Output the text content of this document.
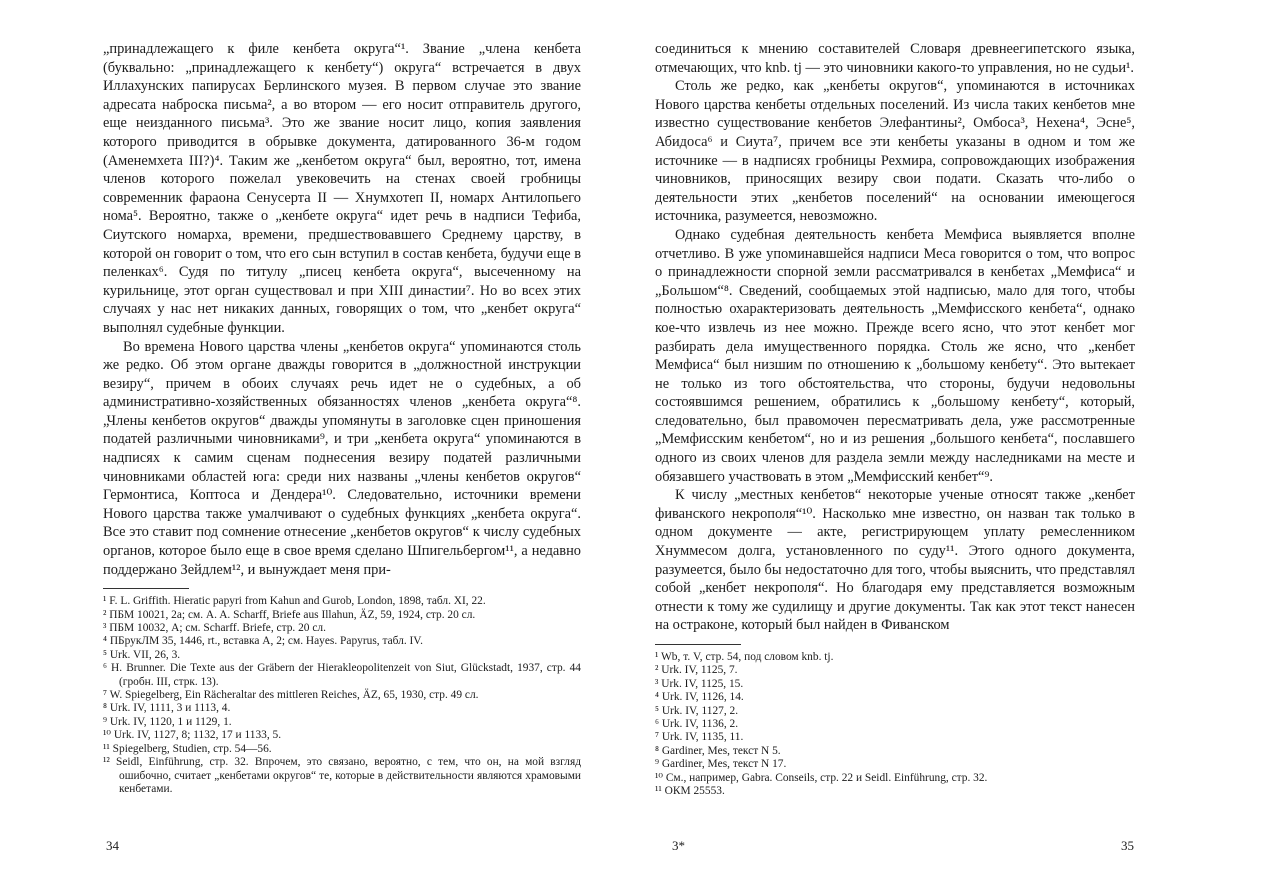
„принадлежащего к филе кенбета округа“¹. Звание „члена кенбета (буквально: „принадлежащего к кенбету“) округа“ встречается в двух Иллахунских папирусах Берлинского музея. В первом случае это звание адресата наброска письма², а во втором — его носит отправитель другого, еще неизданного письма³. Это же звание носит лицо, копия заявления которого приводится в обрывке документа, датированного 36-м годом (Аменемхета III?)⁴. Таким же „кенбетом округа“ был, вероятно, тот, имена членов которого пожелал увековечить на стенах своей гробницы современник фараона Сенусерта II — Хнумхотеп II, номарх Антилопьего нома⁵. Вероятно, также о „кенбете округа“ идет речь в надписи Тефиба, Сиутского номарха, времени, предшествовавшего Среднему царству, в которой он говорит о том, что его сын вступил в состав кенбета, будучи еще в пеленках⁶. Судя по титулу „писец кенбета округа“, высеченному на курильнице, этот орган существовал и при XIII династии⁷. Но во всех этих случаях у нас нет никаких данных, говорящих о том, что „кенбет округа“ выполнял судебные функции.

Во времена Нового царства члены „кенбетов округа“ упоминаются столь же редко. Об этом органе дважды говорится в „должностной инструкции везиру“, причем в обоих случаях речь идет не о судебных, а об административно-хозяйственных обязанностях членов „кенбета округа“⁸. „Члены кенбетов округов“ дважды упомянуты в заголовке сцен приношения податей различными чиновниками⁹, и три „кенбета округа“ упоминаются в надписях к самим сценам поднесения везиру податей различными чиновниками областей юга: среди них названы „члены кенбетов округов“ Гермонтиса, Коптоса и Дендера¹⁰. Следовательно, источники времени Нового царства также умалчивают о судебных функциях „кенбета округа“. Все это ставит под сомнение отнесение „кенбетов округов“ к числу судебных органов, которое было еще в свое время сделано Шпигельбергом¹¹, а недавно поддержано Зейдлем¹², и вынуждает меня при-

¹ F. L. Griffith. Hieratic papyri from Kahun and Gurob, London, 1898, табл. XI, 22.
² ПБМ 10021, 2а; см. A. A. Scharff, Briefe aus Illahun, ÄZ, 59, 1924, стр. 20 сл.
³ ПБМ 10032, А; см. Scharff. Briefe, стр. 20 сл.
⁴ ПБрукЛМ 35, 1446, rt., вставка А, 2; см. Hayes. Papyrus, табл. IV.
⁵ Urk. VII, 26, 3.
⁶ H. Brunner. Die Texte aus der Gräbern der Hierakleopolitenzeit von Siut, Glückstadt, 1937, стр. 44 (гробн. III, стрк. 13).
⁷ W. Spiegelberg, Ein Rächeraltar des mittleren Reiches, ÄZ, 65, 1930, стр. 49 сл.
⁸ Urk. IV, 1111, 3 и 1113, 4.
⁹ Urk. IV, 1120, 1 и 1129, 1.
¹⁰ Urk. IV, 1127, 8; 1132, 17 и 1133, 5.
¹¹ Spiegelberg, Studien, стр. 54—56.
¹² Seidl, Einführung, стр. 32. Впрочем, это связано, вероятно, с тем, что он, на мой взгляд ошибочно, считает „кенбетами округов“ те, которые в действительности являются храмовыми кенбетами.

соединиться к мнению составителей Словаря древнеегипетского языка, отмечающих, что knb. tj — это чиновники какого-то управления, но не судьи¹.

Столь же редко, как „кенбеты округов“, упоминаются в источниках Нового царства кенбеты отдельных поселений. Из числа таких кенбетов мне известно существование кенбетов Элефантины², Омбоса³, Нехена⁴, Эсне⁵, Абидоса⁶ и Сиута⁷, причем все эти кенбеты указаны в одном и том же источнике — в надписях гробницы Рехмира, сопровождающих изображения чиновников, приносящих везиру свои подати. Сказать что-либо о деятельности этих „кенбетов поселений“ на основании имеющегося источника, разумеется, невозможно.

Однако судебная деятельность кенбета Мемфиса выявляется вполне отчетливо. В уже упоминавшейся надписи Меса говорится о том, что вопрос о принадлежности спорной земли рассматривался в кенбетах „Мемфиса“ и „Большом“⁸. Сведений, сообщаемых этой надписью, мало для того, чтобы полностью охарактеризовать деятельность „Мемфисского кенбета“, однако кое-что извлечь из нее можно. Прежде всего ясно, что этот кенбет мог разбирать дела имущественного порядка. Столь же ясно, что „кенбет Мемфиса“ был низшим по отношению к „большому кенбету“. Это вытекает не только из того обстоятельства, что стороны, будучи недовольны состоявшимся решением, обратились к „большому кенбету“, который, следовательно, был правомочен пересматривать дела, уже рассмотренные „Мемфисским кенбетом“, но и из решения „большого кенбета“, пославшего одного из своих членов для раздела земли между наследниками на месте и обязавшего участвовать в этом „Мемфисский кенбет“⁹.

К числу „местных кенбетов“ некоторые ученые относят также „кенбет фиванского некрополя“¹⁰. Насколько мне известно, он назван так только в одном документе — акте, регистрирующем уплату ремесленником Хнуммесом долга, установленного по суду¹¹. Этого одного документа, разумеется, было бы недостаточно для того, чтобы выяснить, что представлял собой „кенбет некрополя“. Но благодаря ему представляется возможным отнести к тому же судилищу и другие документы. Так как этот текст нанесен на остраконе, который был найден в Фиванском

¹ Wb, т. V, стр. 54, под словом knb. tj.
² Urk. IV, 1125, 7.
³ Urk. IV, 1125, 15.
⁴ Urk. IV, 1126, 14.
⁵ Urk. IV, 1127, 2.
⁶ Urk. IV, 1136, 2.
⁷ Urk. IV, 1135, 11.
⁸ Gardiner, Mes, текст N 5.
⁹ Gardiner, Mes, текст N 17.
¹⁰ См., например, Gabra. Conseils, стр. 22 и Seidl. Einführung, стр. 32.
¹¹ ОКМ 25553.
34	3*	35
